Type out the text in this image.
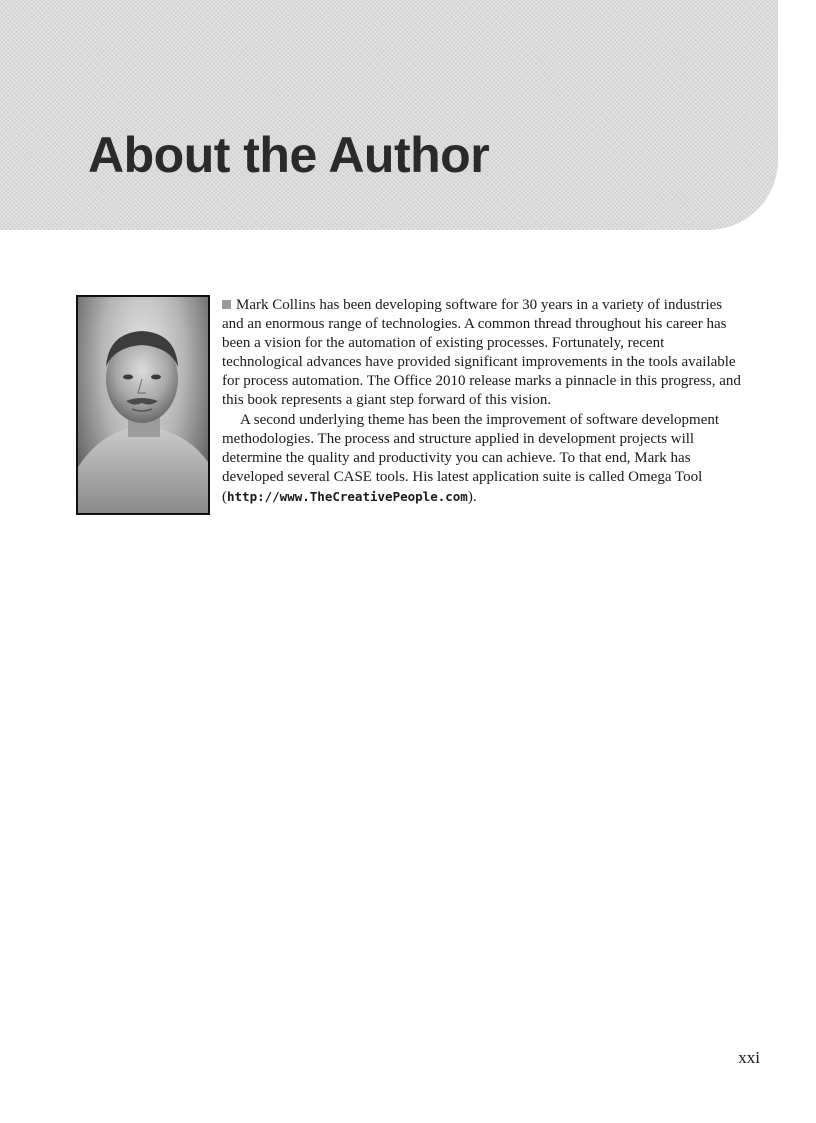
About the Author

Mark Collins has been developing software for 30 years in a variety of industries and an enormous range of technologies. A common thread throughout his career has been a vision for the automation of existing processes. Fortunately, recent technological advances have provided significant improvements in the tools available for process automation. The Office 2010 release marks a pinnacle in this progress, and this book represents a giant step forward of this vision.

A second underlying theme has been the improvement of software development methodologies. The process and structure applied in development projects will determine the quality and productivity you can achieve. To that end, Mark has developed several CASE tools. His latest application suite is called Omega Tool (http://www.TheCreativePeople.com).

xxi
